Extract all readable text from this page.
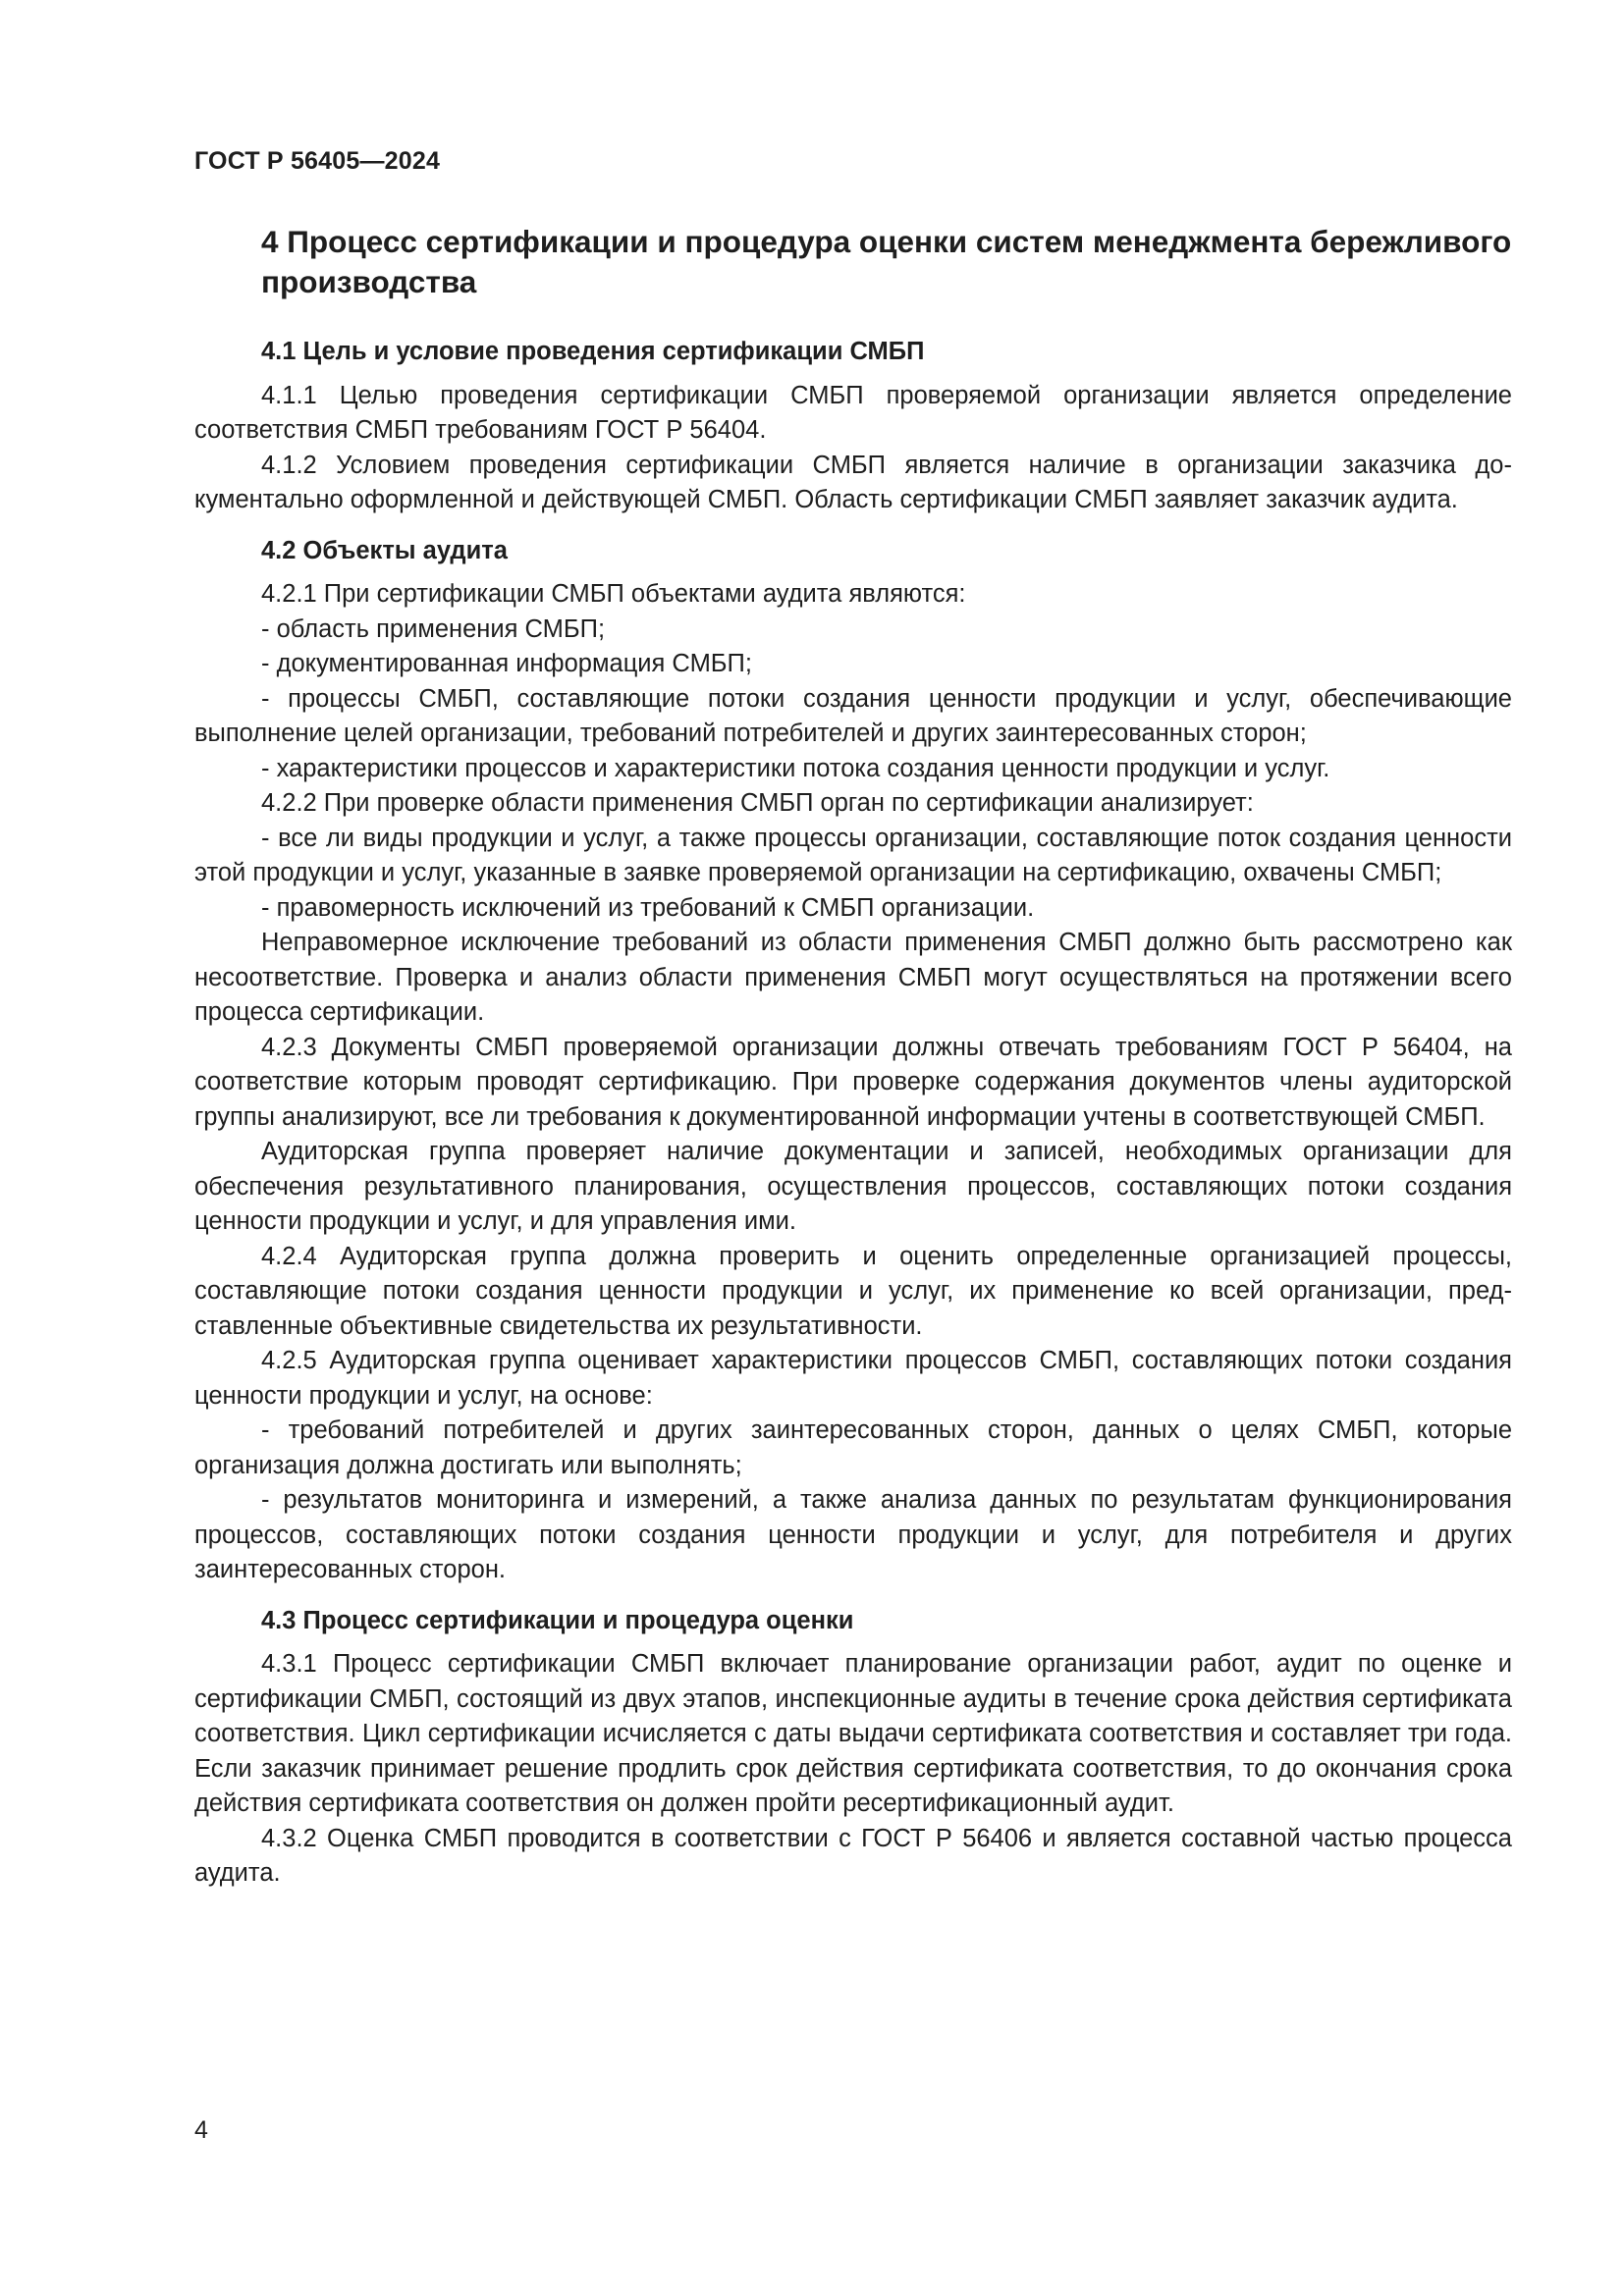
ГОСТ Р 56405—2024
4 Процесс сертификации и процедура оценки систем менеджмента бережливого производства
4.1 Цель и условие проведения сертификации СМБП

4.1.1 Целью проведения сертификации СМБП проверяемой организации является определение соответствия СМБП требованиям ГОСТ Р 56404.

4.1.2 Условием проведения сертификации СМБП является наличие в организации заказчика документально оформленной и действующей СМБП. Область сертификации СМБП заявляет заказчик аудита.

4.2 Объекты аудита

4.2.1 При сертификации СМБП объектами аудита являются:

- область применения СМБП;

- документированная информация СМБП;

- процессы СМБП, составляющие потоки создания ценности продукции и услуг, обеспечивающие выполнение целей организации, требований потребителей и других заинтересованных сторон;

- характеристики процессов и характеристики потока создания ценности продукции и услуг.

4.2.2 При проверке области применения СМБП орган по сертификации анализирует:

- все ли виды продукции и услуг, а также процессы организации, составляющие поток создания ценности этой продукции и услуг, указанные в заявке проверяемой организации на сертификацию, охвачены СМБП;

- правомерность исключений из требований к СМБП организации.

Неправомерное исключение требований из области применения СМБП должно быть рассмотрено как несоответствие. Проверка и анализ области применения СМБП могут осуществляться на протяжении всего процесса сертификации.

4.2.3 Документы СМБП проверяемой организации должны отвечать требованиям ГОСТ Р 56404, на соответствие которым проводят сертификацию. При проверке содержания документов члены аудиторской группы анализируют, все ли требования к документированной информации учтены в соответствующей СМБП.

Аудиторская группа проверяет наличие документации и записей, необходимых организации для обеспечения результативного планирования, осуществления процессов, составляющих потоки создания ценности продукции и услуг, и для управления ими.

4.2.4 Аудиторская группа должна проверить и оценить определенные организацией процессы, составляющие потоки создания ценности продукции и услуг, их применение ко всей организации, представленные объективные свидетельства их результативности.

4.2.5 Аудиторская группа оценивает характеристики процессов СМБП, составляющих потоки создания ценности продукции и услуг, на основе:

- требований потребителей и других заинтересованных сторон, данных о целях СМБП, которые организация должна достигать или выполнять;

- результатов мониторинга и измерений, а также анализа данных по результатам функционирования процессов, составляющих потоки создания ценности продукции и услуг, для потребителя и других заинтересованных сторон.

4.3 Процесс сертификации и процедура оценки

4.3.1 Процесс сертификации СМБП включает планирование организации работ, аудит по оценке и сертификации СМБП, состоящий из двух этапов, инспекционные аудиты в течение срока действия сертификата соответствия. Цикл сертификации исчисляется с даты выдачи сертификата соответствия и составляет три года. Если заказчик принимает решение продлить срок действия сертификата соответствия, то до окончания срока действия сертификата соответствия он должен пройти ресертификационный аудит.

4.3.2 Оценка СМБП проводится в соответствии с ГОСТ Р 56406 и является составной частью процесса аудита.

4
